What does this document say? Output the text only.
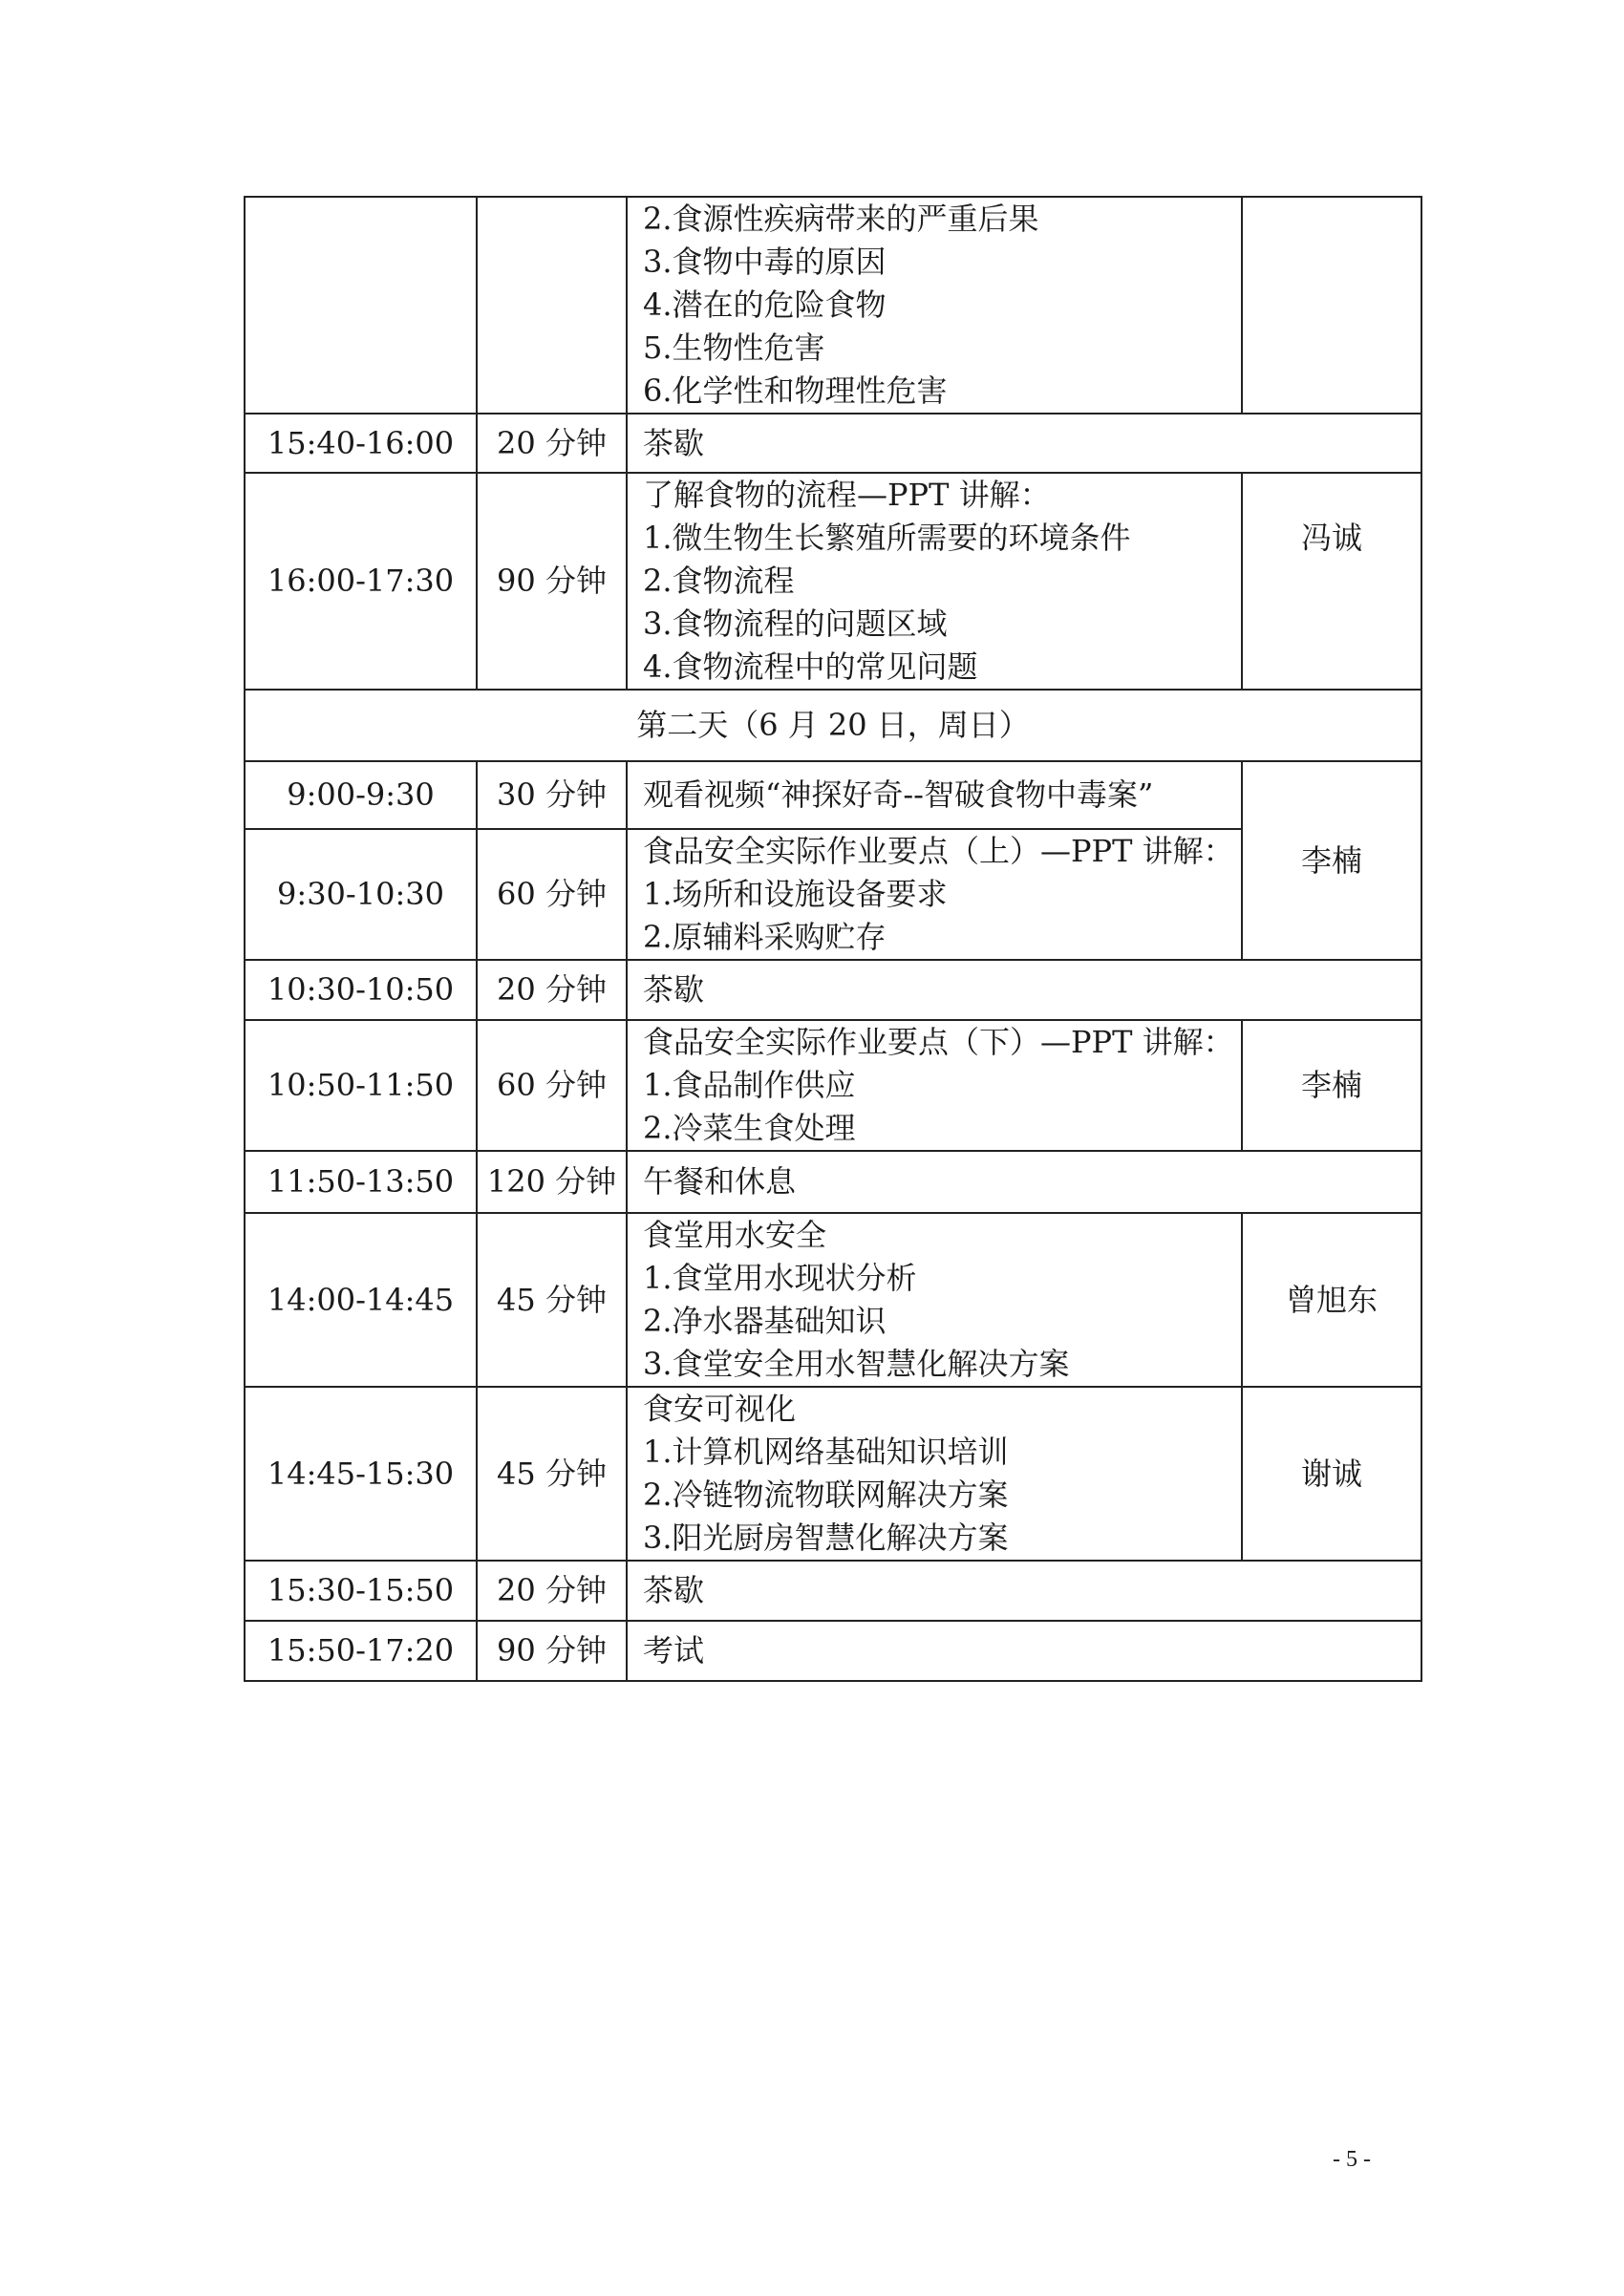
		2.食源性疾病带来的严重后果
3.食物中毒的原因
4.潜在的危险食物
5.生物性危害
6.化学性和物理性危害	

15:40-16:00	20 分钟	茶歇	

16:00-17:30	90 分钟	了解食物的流程—PPT 讲解：
1.微生物生长繁殖所需要的环境条件
2.食物流程
3.食物流程的问题区域
4.食物流程中的常见问题	冯诚
第二天（6 月 20 日，周日）			
9:00-9:30	30 分钟	观看视频“神探好奇--智破食物中毒案”	李楠
9:30-10:30	60 分钟	食品安全实际作业要点（上）—PPT 讲解：
1.场所和设施设备要求
2.原辅料采购贮存	

10:30-10:50	20 分钟	茶歇	

10:50-11:50	60 分钟	食品安全实际作业要点（下）—PPT 讲解：
1.食品制作供应
2.冷菜生食处理	李楠
11:50-13:50	120 分钟	午餐和休息	

14:00-14:45	45 分钟	食堂用水安全
1.食堂用水现状分析
2.净水器基础知识
3.食堂安全用水智慧化解决方案	曾旭东
14:45-15:30	45 分钟	食安可视化
1.计算机网络基础知识培训
2.冷链物流物联网解决方案
3.阳光厨房智慧化解决方案	谢诚
15:30-15:50	20 分钟	茶歇	

15:50-17:20	90 分钟	考试	
- 5 -
